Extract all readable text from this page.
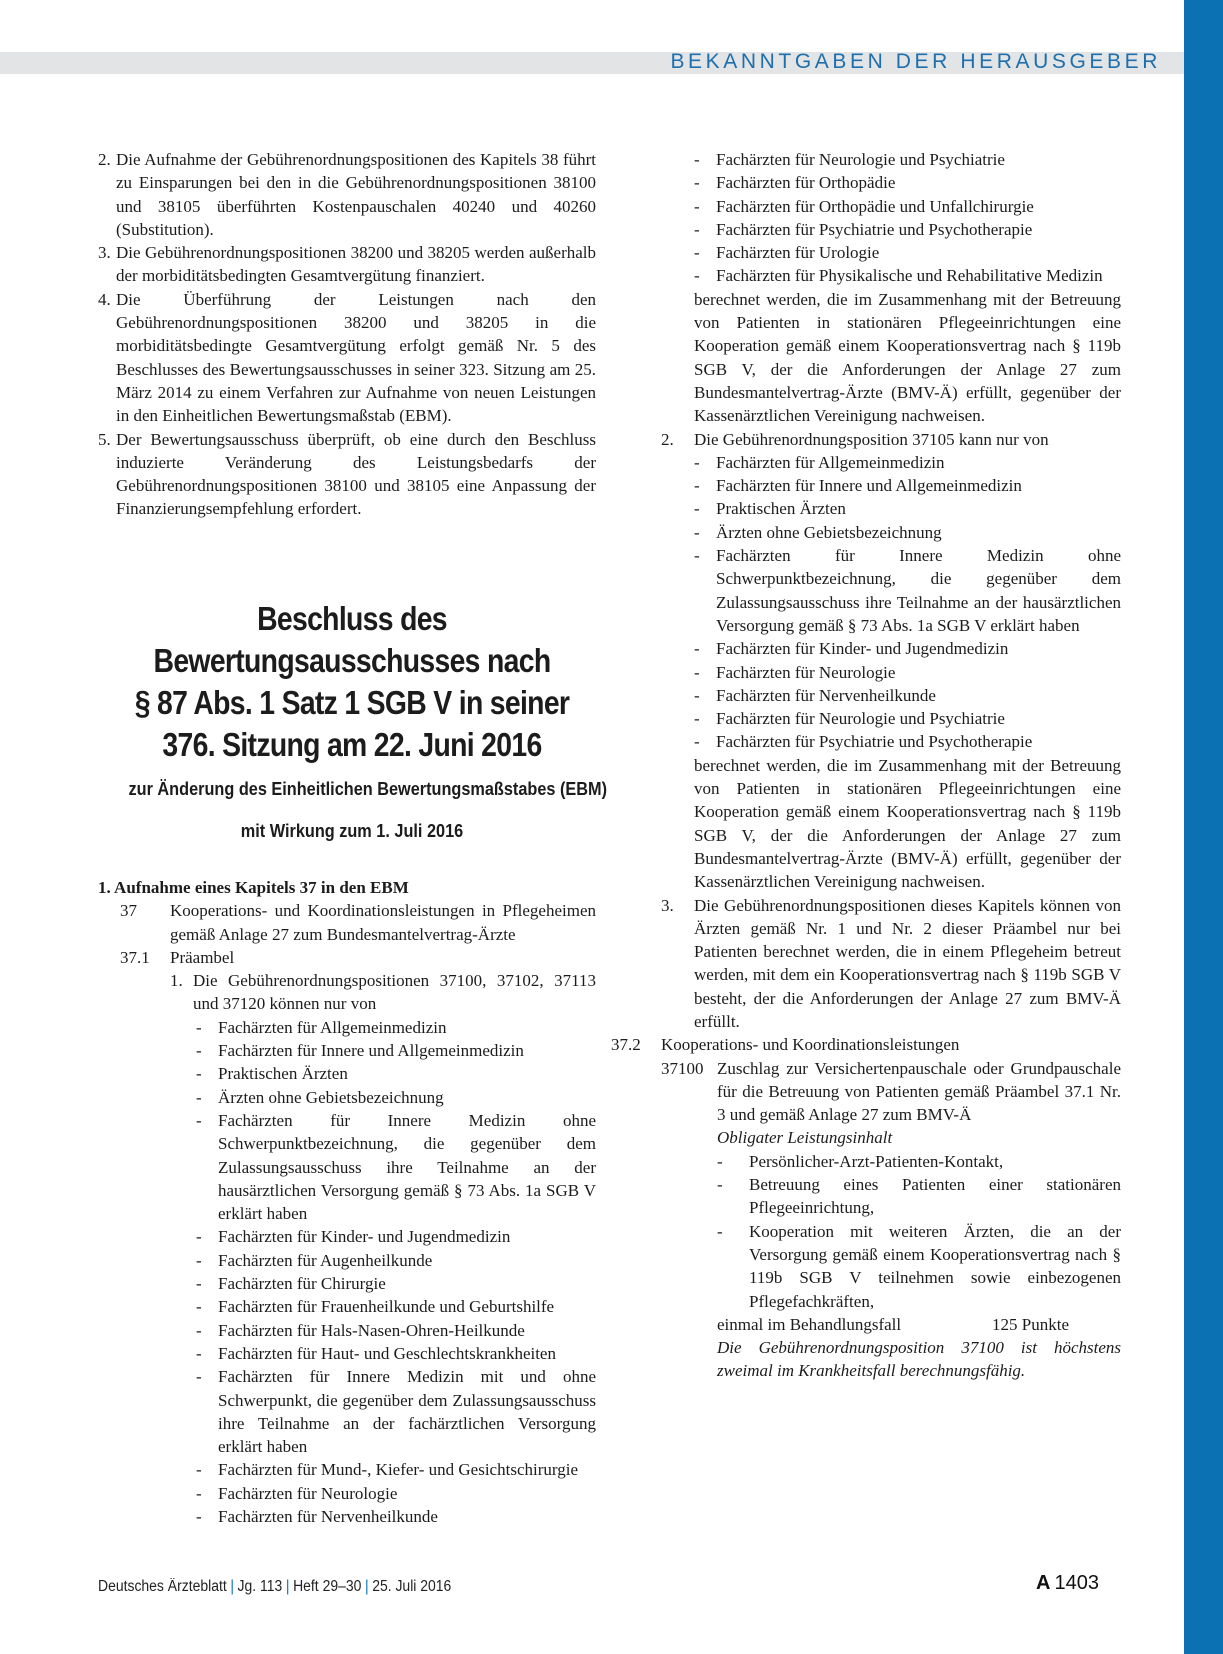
BEKANNTGABEN DER HERAUSGEBER
2. Die Aufnahme der Gebührenordnungspositionen des Kapitels 38 führt zu Einsparungen bei den in die Gebührenordnungspositionen 38100 und 38105 überführten Kostenpauschalen 40240 und 40260 (Substitution).
3. Die Gebührenordnungspositionen 38200 und 38205 werden außerhalb der morbiditätsbedingten Gesamtvergütung finanziert.
4. Die Überführung der Leistungen nach den Gebührenordnungspositionen 38200 und 38205 in die morbiditätsbedingte Gesamtvergütung erfolgt gemäß Nr. 5 des Beschlusses des Bewertungsausschusses in seiner 323. Sitzung am 25. März 2014 zu einem Verfahren zur Aufnahme von neuen Leistungen in den Einheitlichen Bewertungsmaßstab (EBM).
5. Der Bewertungsausschuss überprüft, ob eine durch den Beschluss induzierte Veränderung des Leistungsbedarfs der Gebührenordnungspositionen 38100 und 38105 eine Anpassung der Finanzierungsempfehlung erfordert.
Beschluss des
Bewertungsausschusses nach
§ 87 Abs. 1 Satz 1 SGB V in seiner
376. Sitzung am 22. Juni 2016
zur Änderung des Einheitlichen Bewertungsmaßstabes (EBM)
mit Wirkung zum 1. Juli 2016
1. Aufnahme eines Kapitels 37 in den EBM
37 Kooperations- und Koordinationsleistungen in Pflegeheimen gemäß Anlage 27 zum Bundesmantelvertrag-Ärzte
37.1 Präambel
1. Die Gebührenordnungspositionen 37100, 37102, 37113 und 37120 können nur von
- Fachärzten für Allgemeinmedizin
- Fachärzten für Innere und Allgemeinmedizin
- Praktischen Ärzten
- Ärzten ohne Gebietsbezeichnung
- Fachärzten für Innere Medizin ohne Schwerpunktbezeichnung, die gegenüber dem Zulassungsausschuss ihre Teilnahme an der hausärztlichen Versorgung gemäß § 73 Abs. 1a SGB V erklärt haben
- Fachärzten für Kinder- und Jugendmedizin
- Fachärzten für Augenheilkunde
- Fachärzten für Chirurgie
- Fachärzten für Frauenheilkunde und Geburtshilfe
- Fachärzten für Hals-Nasen-Ohren-Heilkunde
- Fachärzten für Haut- und Geschlechtskrankheiten
- Fachärzten für Innere Medizin mit und ohne Schwerpunkt, die gegenüber dem Zulassungsausschuss ihre Teilnahme an der fachärztlichen Versorgung erklärt haben
- Fachärzten für Mund-, Kiefer- und Gesichtschirurgie
- Fachärzten für Neurologie
- Fachärzten für Nervenheilkunde
- Fachärzten für Neurologie und Psychiatrie
- Fachärzten für Orthopädie
- Fachärzten für Orthopädie und Unfallchirurgie
- Fachärzten für Psychiatrie und Psychotherapie
- Fachärzten für Urologie
- Fachärzten für Physikalische und Rehabilitative Medizin
berechnet werden, die im Zusammenhang mit der Betreuung von Patienten in stationären Pflegeeinrichtungen eine Kooperation gemäß einem Kooperationsvertrag nach § 119b SGB V, der die Anforderungen der Anlage 27 zum Bundesmantelvertrag-Ärzte (BMV-Ä) erfüllt, gegenüber der Kassenärztlichen Vereinigung nachweisen.
2. Die Gebührenordnungsposition 37105 kann nur von
- Fachärzten für Allgemeinmedizin
- Fachärzten für Innere und Allgemeinmedizin
- Praktischen Ärzten
- Ärzten ohne Gebietsbezeichnung
- Fachärzten für Innere Medizin ohne Schwerpunktbezeichnung, die gegenüber dem Zulassungsausschuss ihre Teilnahme an der hausärztlichen Versorgung gemäß § 73 Abs. 1a SGB V erklärt haben
- Fachärzten für Kinder- und Jugendmedizin
- Fachärzten für Neurologie
- Fachärzten für Nervenheilkunde
- Fachärzten für Neurologie und Psychiatrie
- Fachärzten für Psychiatrie und Psychotherapie
berechnet werden, die im Zusammenhang mit der Betreuung von Patienten in stationären Pflegeeinrichtungen eine Kooperation gemäß einem Kooperationsvertrag nach § 119b SGB V, der die Anforderungen der Anlage 27 zum Bundesmantelvertrag-Ärzte (BMV-Ä) erfüllt, gegenüber der Kassenärztlichen Vereinigung nachweisen.
3. Die Gebührenordnungspositionen dieses Kapitels können von Ärzten gemäß Nr. 1 und Nr. 2 dieser Präambel nur bei Patienten berechnet werden, die in einem Pflegeheim betreut werden, mit dem ein Kooperationsvertrag nach § 119b SGB V besteht, der die Anforderungen der Anlage 27 zum BMV-Ä erfüllt.
37.2 Kooperations- und Koordinationsleistungen
37100 Zuschlag zur Versichertenpauschale oder Grundpauschale für die Betreuung von Patienten gemäß Präambel 37.1 Nr. 3 und gemäß Anlage 27 zum BMV-Ä
Obligater Leistungsinhalt
- Persönlicher-Arzt-Patienten-Kontakt,
- Betreuung eines Patienten einer stationären Pflegeeinrichtung,
- Kooperation mit weiteren Ärzten, die an der Versorgung gemäß einem Kooperationsvertrag nach § 119b SGB V teilnehmen sowie einbezogenen Pflegefachkräften,
einmal im Behandlungsfall	125 Punkte
Die Gebührenordnungsposition 37100 ist höchstens zweimal im Krankheitsfall berechnungsfähig.
Deutsches Ärzteblatt | Jg. 113 | Heft 29–30 | 25. Juli 2016	A 1403
